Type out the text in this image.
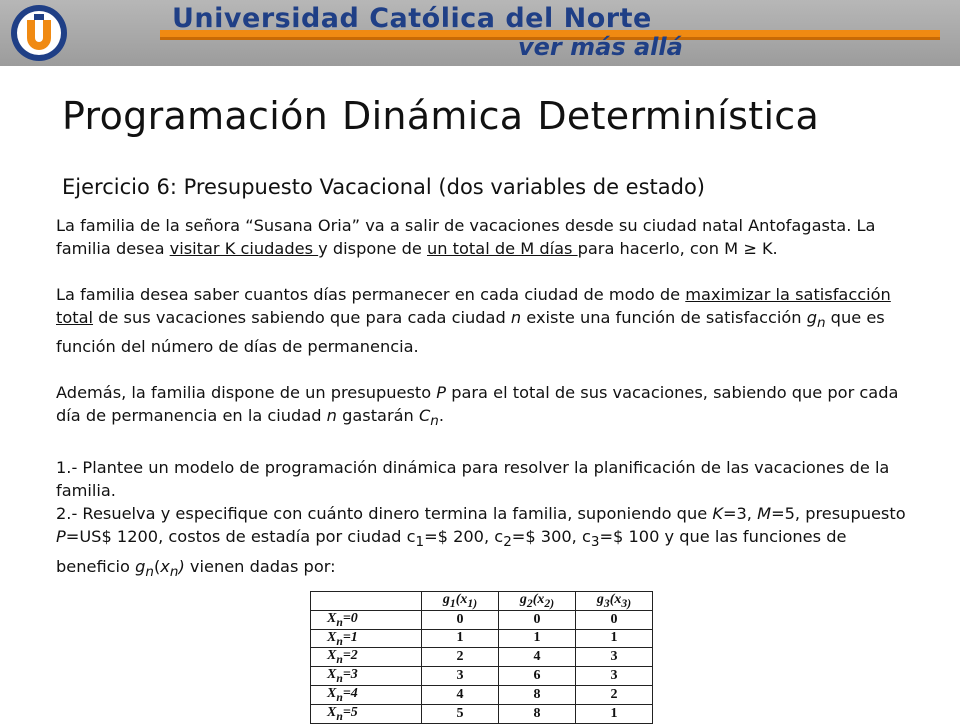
Universidad Católica del Norte
ver más allá
Programación Dinámica Determinística
Ejercicio 6: Presupuesto Vacacional (dos variables de estado)

La familia de la señora “Susana Oria” va a salir de vacaciones desde su ciudad natal Antofagasta. La familia desea visitar K ciudades y dispone de un total de M días para hacerlo, con M ≥ K.

La familia desea saber cuantos días permanecer en cada ciudad de modo de maximizar la satisfacción total de sus vacaciones sabiendo que para cada ciudad n existe una función de satisfacción $g_n$ que es función del número de días de permanencia.

Además, la familia dispone de un presupuesto P para el total de sus vacaciones, sabiendo que por cada día de permanencia en la ciudad n gastarán $C_n$.

1.- Plantee un modelo de programación dinámica para resolver la planificación de las vacaciones de la familia.

2.- Resuelva y especifique con cuánto dinero termina la familia, suponiendo que K=3, M=5, presupuesto P=US$ 1200, costos de estadía por ciudad $c_1=\$$ 200, $c_2=\$$ 300, $c_3=\$$ 100 y que las funciones de beneficio $g_n(x_n)$ vienen dadas por:

	$g_1(x_{1)}$	$g_2(x_{2)}$	$g_3(x_{3)}$
$X_n=0$	0	0	0
$X_n=1$	1	1	1
$X_n=2$	2	4	3
$X_n=3$	3	6	3
$X_n=4$	4	8	2
$X_n=5$	5	8	1
